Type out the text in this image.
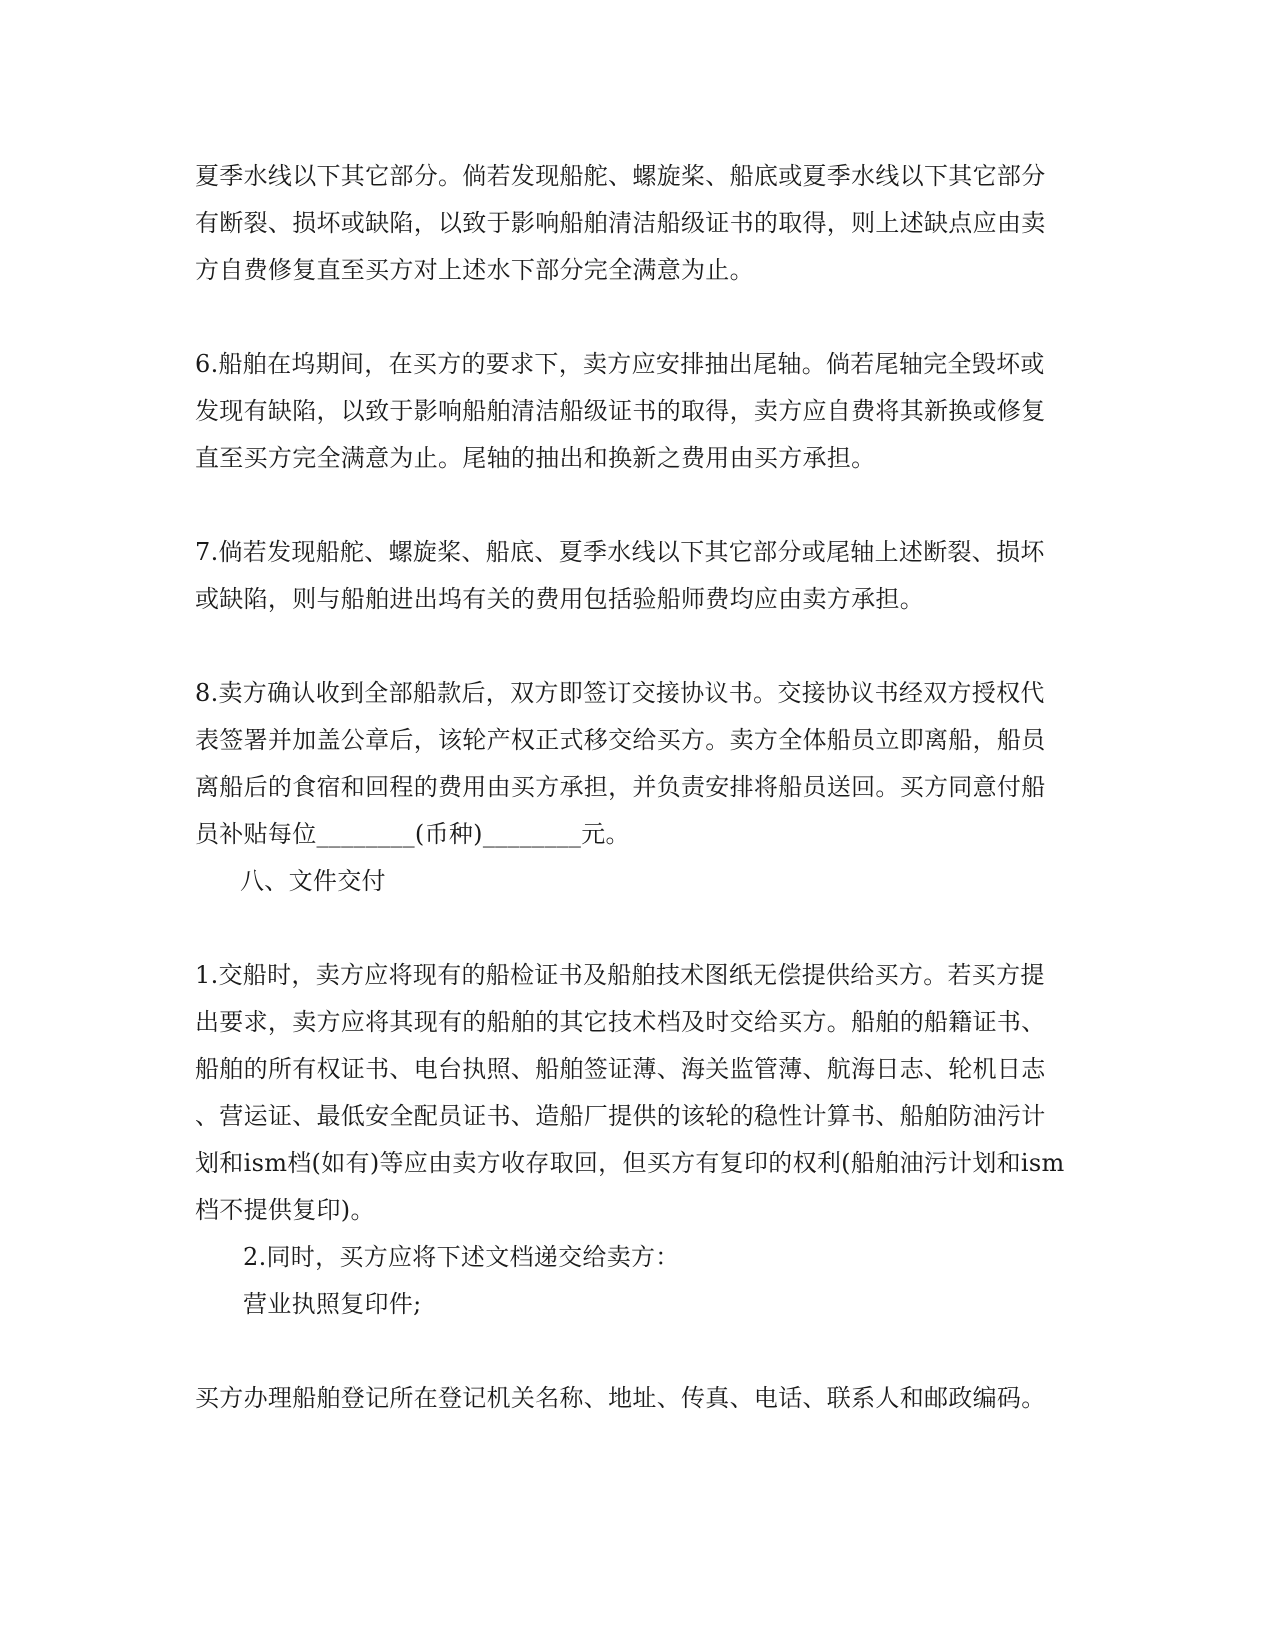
夏季水线以下其它部分。倘若发现船舵、螺旋桨、船底或夏季水线以下其它部分
有断裂、损坏或缺陷，以致于影响船舶清洁船级证书的取得，则上述缺点应由卖
方自费修复直至买方对上述水下部分完全满意为止。
6.船舶在坞期间，在买方的要求下，卖方应安排抽出尾轴。倘若尾轴完全毁坏或
发现有缺陷，以致于影响船舶清洁船级证书的取得，卖方应自费将其新换或修复
直至买方完全满意为止。尾轴的抽出和换新之费用由买方承担。
7.倘若发现船舵、螺旋桨、船底、夏季水线以下其它部分或尾轴上述断裂、损坏
或缺陷，则与船舶进出坞有关的费用包括验船师费均应由卖方承担。
8.卖方确认收到全部船款后，双方即签订交接协议书。交接协议书经双方授权代
表签署并加盖公章后，该轮产权正式移交给买方。卖方全体船员立即离船，船员
离船后的食宿和回程的费用由买方承担，并负责安排将船员送回。买方同意付船
员补贴每位________(币种)________元。
八、文件交付
1.交船时，卖方应将现有的船检证书及船舶技术图纸无偿提供给买方。若买方提
出要求，卖方应将其现有的船舶的其它技术档及时交给买方。船舶的船籍证书、
船舶的所有权证书、电台执照、船舶签证薄、海关监管薄、航海日志、轮机日志
、营运证、最低安全配员证书、造船厂提供的该轮的稳性计算书、船舶防油污计
划和ism档(如有)等应由卖方收存取回，但买方有复印的权利(船舶油污计划和ism
档不提供复印)。
2.同时，买方应将下述文档递交给卖方：
营业执照复印件;
买方办理船舶登记所在登记机关名称、地址、传真、电话、联系人和邮政编码。
